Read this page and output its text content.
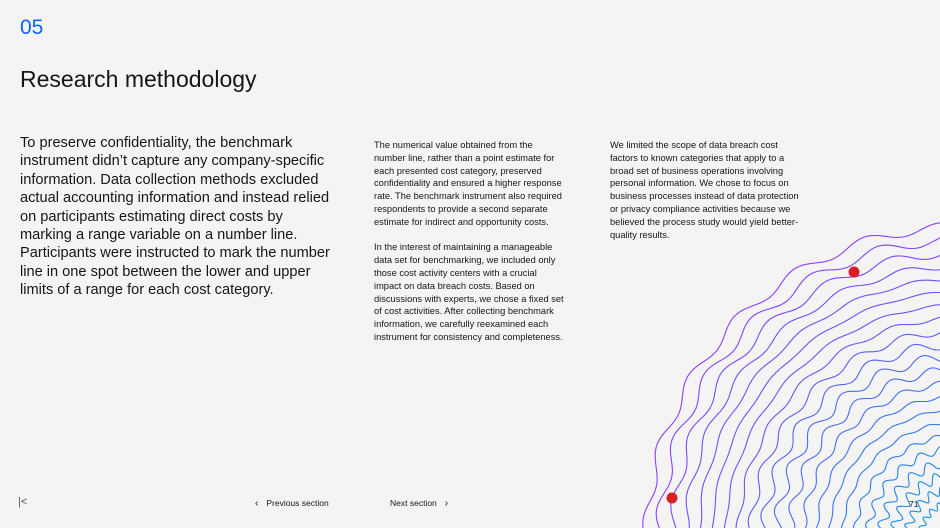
05
Research methodology
To preserve confidentiality, the benchmark instrument didn’t capture any company-specific information. Data collection methods excluded actual accounting information and instead relied on participants estimating direct costs by marking a range variable on a number line. Participants were instructed to mark the number line in one spot between the lower and upper limits of a range for each cost category.

The numerical value obtained from the number line, rather than a point estimate for each presented cost category, preserved confidentiality and ensured a higher response rate. The benchmark instrument also required respondents to provide a second separate estimate for indirect and opportunity costs.

In the interest of maintaining a manageable data set for benchmarking, we included only those cost activity centers with a crucial impact on data breach costs. Based on discussions with experts, we chose a fixed set of cost activities. After collecting benchmark information, we carefully reexamined each instrument for consistency and completeness.

We limited the scope of data breach cost factors to known categories that apply to a broad set of business operations involving personal information. We chose to focus on business processes instead of data protection or privacy compliance activities because we believed the process study would yield better-quality results.

|<	‹ Previous section	Next section ›	71
